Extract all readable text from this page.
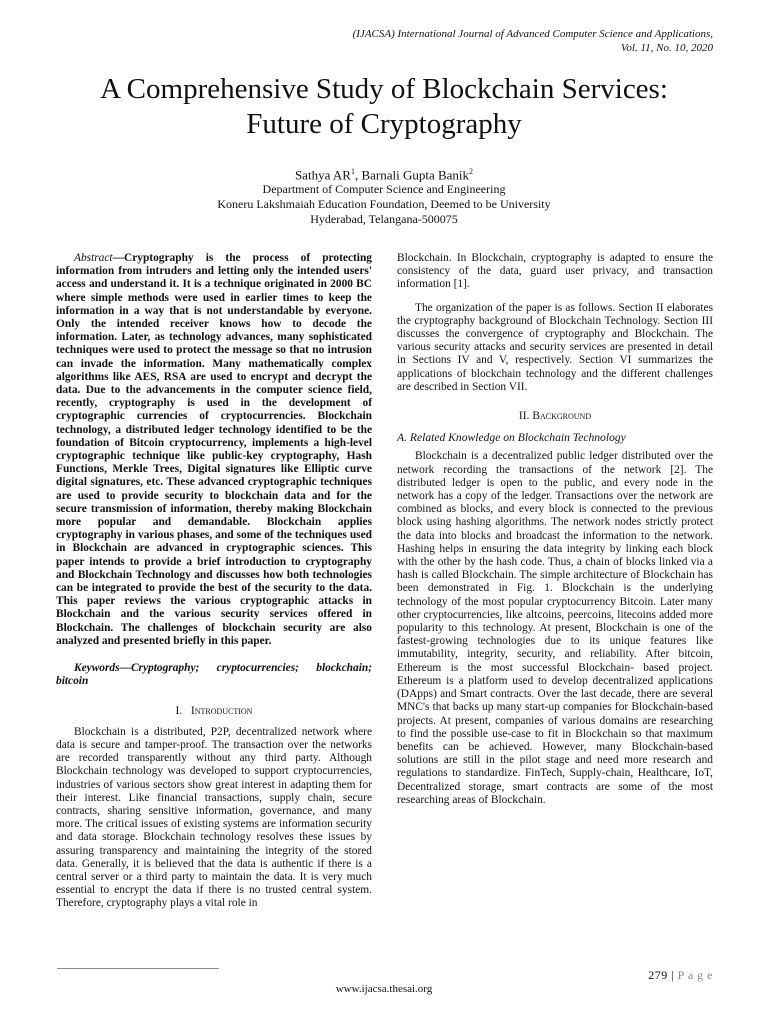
(IJACSA) International Journal of Advanced Computer Science and Applications,
Vol. 11, No. 10, 2020
A Comprehensive Study of Blockchain Services:
Future of Cryptography
Sathya $AR^1$, Barnali Gupta Banik$^2$
Department of Computer Science and Engineering
Koneru Lakshmaiah Education Foundation, Deemed to be University
Hyderabad, Telangana-500075

Abstract—Cryptography is the process of protecting information from intruders and letting only the intended users' access and understand it. It is a technique originated in 2000 BC where simple methods were used in earlier times to keep the information in a way that is not understandable by everyone. Only the intended receiver knows how to decode the information. Later, as technology advances, many sophisticated techniques were used to protect the message so that no intrusion can invade the information. Many mathematically complex algorithms like AES, RSA are used to encrypt and decrypt the data. Due to the advancements in the computer science field, recently, cryptography is used in the development of cryptographic currencies of cryptocurrencies. Blockchain technology, a distributed ledger technology identified to be the foundation of Bitcoin cryptocurrency, implements a high-level cryptographic technique like public-key cryptography, Hash Functions, Merkle Trees, Digital signatures like Elliptic curve digital signatures, etc. These advanced cryptographic techniques are used to provide security to blockchain data and for the secure transmission of information, thereby making Blockchain more popular and demandable. Blockchain applies cryptography in various phases, and some of the techniques used in Blockchain are advanced in cryptographic sciences. This paper intends to provide a brief introduction to cryptography and Blockchain Technology and discusses how both technologies can be integrated to provide the best of the security to the data. This paper reviews the various cryptographic attacks in Blockchain and the various security services offered in Blockchain. The challenges of blockchain security are also analyzed and presented briefly in this paper.

Keywords—Cryptography; cryptocurrencies; blockchain; bitcoin

I. Introduction

Blockchain is a distributed, P2P, decentralized network where data is secure and tamper-proof. The transaction over the networks are recorded transparently without any third party. Although Blockchain technology was developed to support cryptocurrencies, industries of various sectors show great interest in adapting them for their interest. Like financial transactions, supply chain, secure contracts, sharing sensitive information, governance, and many more. The critical issues of existing systems are information security and data storage. Blockchain technology resolves these issues by assuring transparency and maintaining the integrity of the stored data. Generally, it is believed that the data is authentic if there is a central server or a third party to maintain the data. It is very much essential to encrypt the data if there is no trusted central system. Therefore, cryptography plays a vital role in

Blockchain. In Blockchain, cryptography is adapted to ensure the consistency of the data, guard user privacy, and transaction information [1].

The organization of the paper is as follows. Section II elaborates the cryptography background of Blockchain Technology. Section III discusses the convergence of cryptography and Blockchain. The various security attacks and security services are presented in detail in Sections IV and V, respectively. Section VI summarizes the applications of blockchain technology and the different challenges are described in Section VII.

II. Background
A. Related Knowledge on Blockchain Technology

Blockchain is a decentralized public ledger distributed over the network recording the transactions of the network [2]. The distributed ledger is open to the public, and every node in the network has a copy of the ledger. Transactions over the network are combined as blocks, and every block is connected to the previous block using hashing algorithms. The network nodes strictly protect the data into blocks and broadcast the information to the network. Hashing helps in ensuring the data integrity by linking each block with the other by the hash code. Thus, a chain of blocks linked via a hash is called Blockchain. The simple architecture of Blockchain has been demonstrated in Fig. 1. Blockchain is the underlying technology of the most popular cryptocurrency Bitcoin. Later many other cryptocurrencies, like altcoins, peercoins, litecoins added more popularity to this technology. At present, Blockchain is one of the fastest-growing technologies due to its unique features like immutability, integrity, security, and reliability. After bitcoin, Ethereum is the most successful Blockchain- based project. Ethereum is a platform used to develop decentralized applications (DApps) and Smart contracts. Over the last decade, there are several MNC's that backs up many start-up companies for Blockchain-based projects. At present, companies of various domains are researching to find the possible use-case to fit in Blockchain so that maximum benefits can be achieved. However, many Blockchain-based solutions are still in the pilot stage and need more research and regulations to standardize. FinTech, Supply-chain, Healthcare, IoT, Decentralized storage, smart contracts are some of the most researching areas of Blockchain.

279 | P a g e
www.ijacsa.thesai.org
